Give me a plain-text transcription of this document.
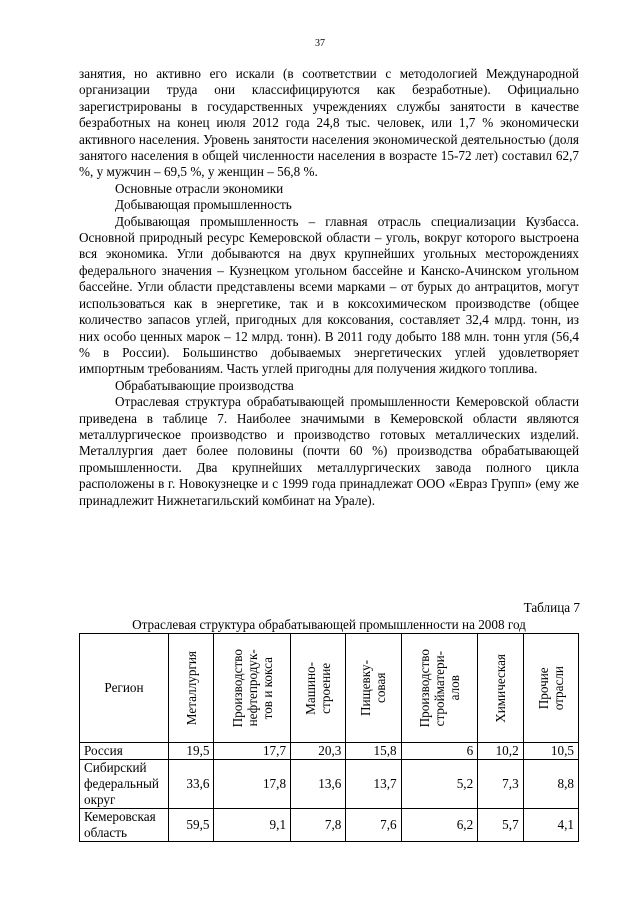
37

занятия, но активно его искали (в соответствии с методологией Международной организации труда они классифицируются как безработные). Официально зарегистрированы в государственных учреждениях службы занятости в качестве безработных на конец июля 2012 года 24,8 тыс. человек, или 1,7 % экономически активного населения. Уровень занятости населения экономической деятельностью (доля занятого населения в общей численности населения в возрасте 15-72 лет) составил 62,7 %, у мужчин – 69,5 %, у женщин – 56,8 %.

Основные отрасли экономики

Добывающая промышленность

Добывающая промышленность – главная отрасль специализации Кузбасса. Основной природный ресурс Кемеровской области – уголь, вокруг которого выстроена вся экономика. Угли добываются на двух крупнейших угольных месторождениях федерального значения – Кузнецком угольном бассейне и Канско-Ачинском угольном бассейне. Угли области представлены всеми марками – от бурых до антрацитов, могут использоваться как в энергетике, так и в коксохимическом производстве (общее количество запасов углей, пригодных для коксования, составляет 32,4 млрд. тонн, из них особо ценных марок – 12 млрд. тонн). В 2011 году добыто 188 млн. тонн угля (56,4 % в России). Большинство добываемых энергетических углей удовлетворяет импортным требованиям. Часть углей пригодны для получения жидкого топлива.

Обрабатывающие производства

Отраслевая структура обрабатывающей промышленности Кемеровской области приведена в таблице 7. Наиболее значимыми в Кемеровской области являются металлургическое производство и производство готовых металлических изделий. Металлургия дает более половины (почти 60 %) производства обрабатывающей промышленности. Два крупнейших металлургических завода полного цикла расположены в г. Новокузнецке и с 1999 года принадлежат ООО «Евраз Групп» (ему же принадлежит Нижнетагильский комбинат на Урале).

Таблица 7
Отраслевая структура обрабатывающей промышленности на 2008 год
Регион	Металлургия	Производство
нефтепродук-
тов и кокса	Машино-
строение	Пищевку-
совая	Производство
стройматери-
алов	Химическая	Прочие
отрасли

Россия	19,5	17,7	20,3	15,8	6	10,2	10,5
Сибирский федеральный округ	33,6	17,8	13,6	13,7	5,2	7,3	8,8
Кемеровская область	59,5	9,1	7,8	7,6	6,2	5,7	4,1
